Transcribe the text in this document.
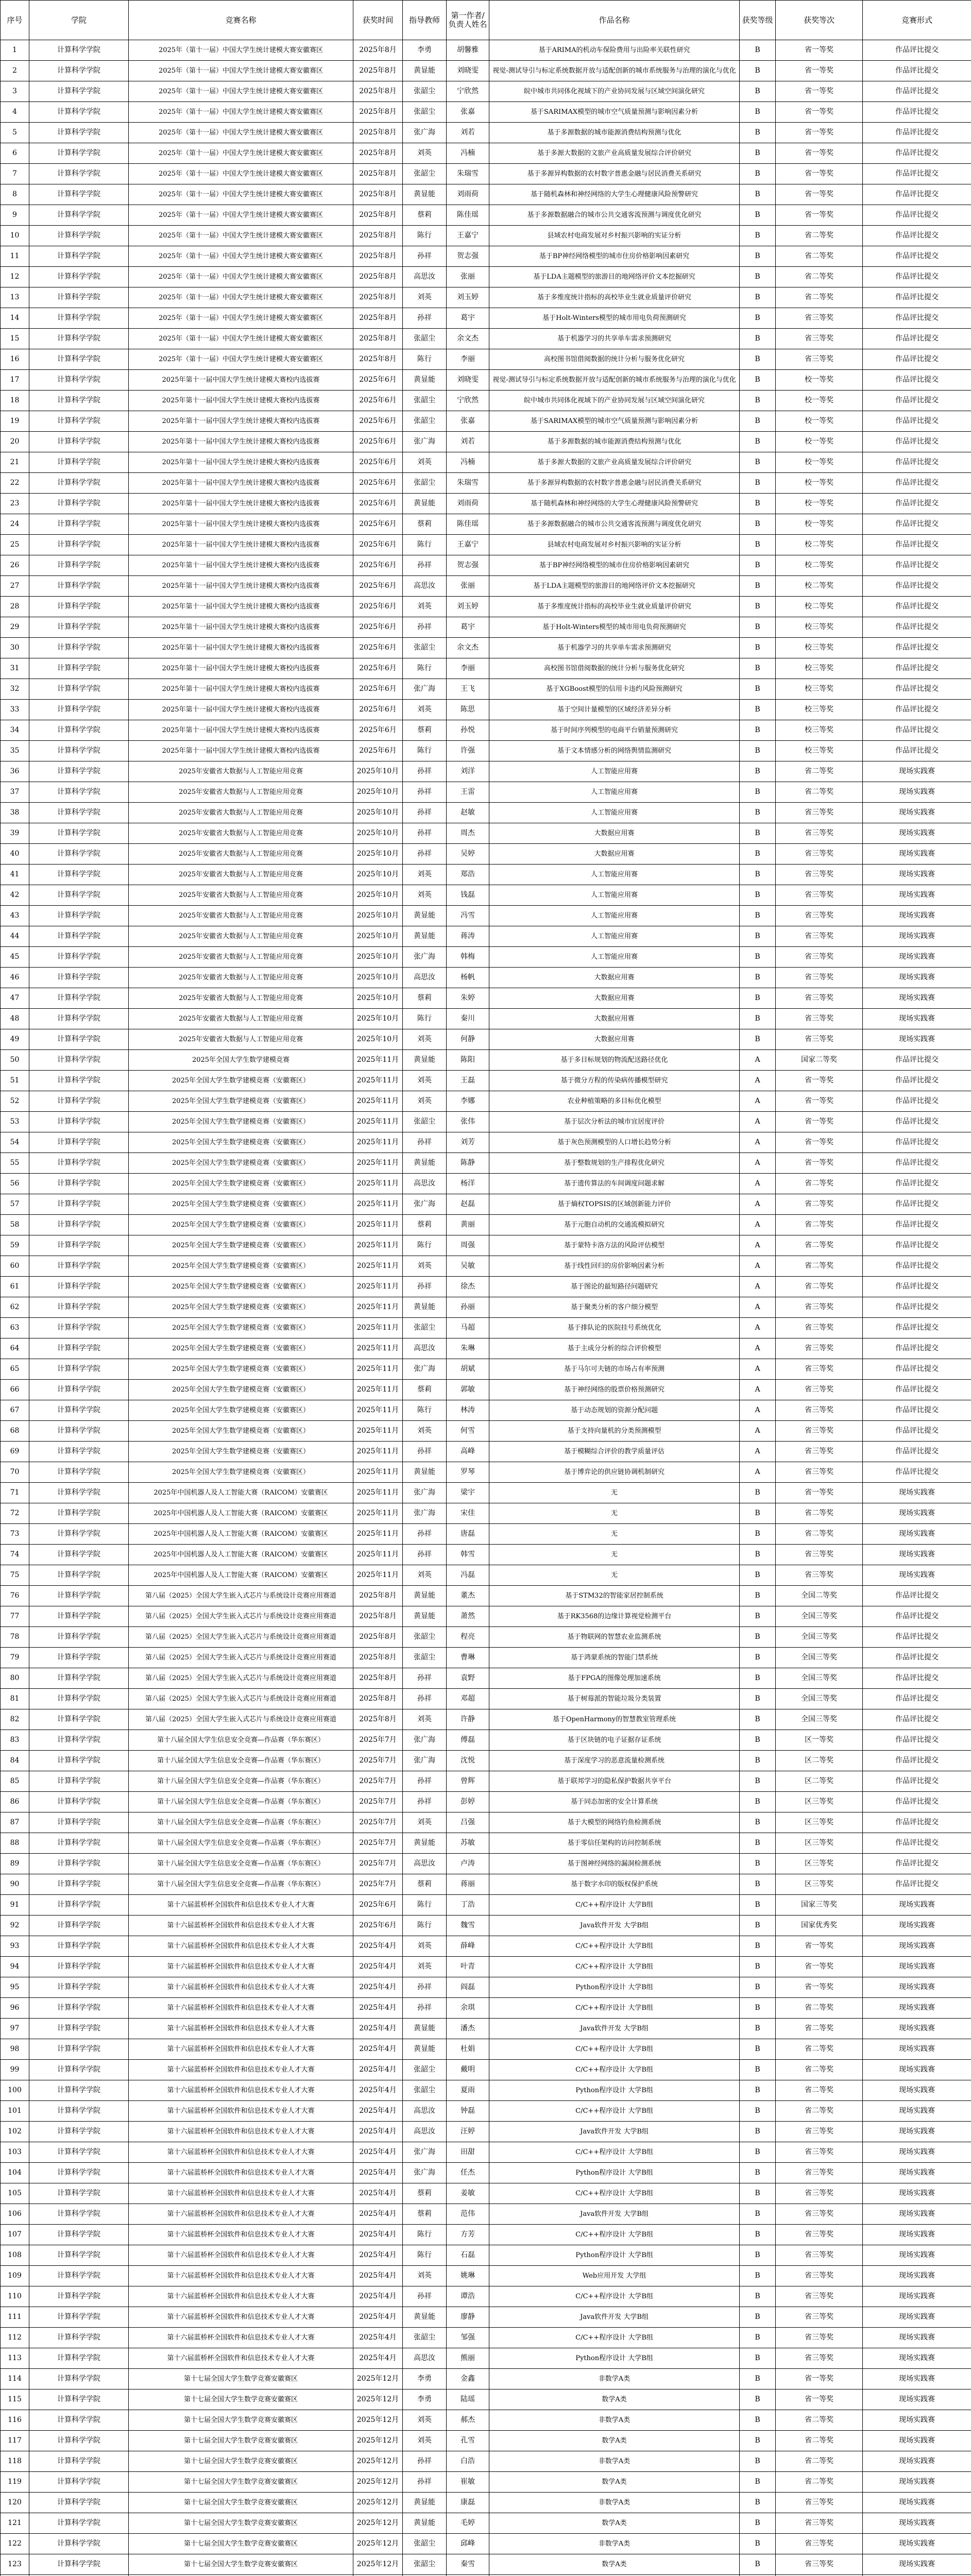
序号	学院	竞赛名称	获奖时间	指导教师	第一作者/负责人姓名	作品名称	获奖等级	获奖等次	竞赛形式
1	计算科学学院	2025年（第十一届）中国大学生统计建模大赛安徽赛区	2025年8月	李勇	胡馨雅	基于ARIMA的机动车保险费用与出险率关联性研究	B	省一等奖	作品评比提交
2	计算科学学院	2025年（第十一届）中国大学生统计建模大赛安徽赛区	2025年8月	黄显能	刘晓雯	视觉-测试导引与标定系统数据开放与适配创新的城市系统服务与治理的演化与优化	B	省一等奖	作品评比提交
3	计算科学学院	2025年（第十一届）中国大学生统计建模大赛安徽赛区	2025年8月	张韶尘	宁欣然	皖中城市共同体化视域下的产业协同发展与区域空间演化研究	B	省一等奖	作品评比提交
4	计算科学学院	2025年（第十一届）中国大学生统计建模大赛安徽赛区	2025年8月	张韶尘	张嘉	基于SARIMAX模型的城市空气质量预测与影响因素分析	B	省一等奖	作品评比提交
5	计算科学学院	2025年（第十一届）中国大学生统计建模大赛安徽赛区	2025年8月	张广海	刘若	基于多源数据的城市能源消费结构预测与优化	B	省一等奖	作品评比提交
6	计算科学学院	2025年（第十一届）中国大学生统计建模大赛安徽赛区	2025年8月	刘英	冯楠	基于多源大数据的文旅产业高质量发展综合评价研究	B	省一等奖	作品评比提交
7	计算科学学院	2025年（第十一届）中国大学生统计建模大赛安徽赛区	2025年8月	张韶尘	朱瑞雪	基于多源异构数据的农村数字普惠金融与居民消费关系研究	B	省一等奖	作品评比提交
8	计算科学学院	2025年（第十一届）中国大学生统计建模大赛安徽赛区	2025年8月	黄显能	刘雨荷	基于随机森林和神经网络的大学生心理健康风险预警研究	B	省一等奖	作品评比提交
9	计算科学学院	2025年（第十一届）中国大学生统计建模大赛安徽赛区	2025年8月	蔡莉	陈佳瑶	基于多源数据融合的城市公共交通客流预测与调度优化研究	B	省一等奖	作品评比提交
10	计算科学学院	2025年（第十一届）中国大学生统计建模大赛安徽赛区	2025年8月	陈行	王嘉宁	县域农村电商发展对乡村振兴影响的实证分析	B	省二等奖	作品评比提交
11	计算科学学院	2025年（第十一届）中国大学生统计建模大赛安徽赛区	2025年8月	孙祥	贺志强	基于BP神经网络模型的城市住房价格影响因素研究	B	省二等奖	作品评比提交
12	计算科学学院	2025年（第十一届）中国大学生统计建模大赛安徽赛区	2025年8月	高思汝	张丽	基于LDA主题模型的旅游目的地网络评价文本挖掘研究	B	省二等奖	作品评比提交
13	计算科学学院	2025年（第十一届）中国大学生统计建模大赛安徽赛区	2025年8月	刘英	刘玉婷	基于多维度统计指标的高校毕业生就业质量评价研究	B	省二等奖	作品评比提交
14	计算科学学院	2025年（第十一届）中国大学生统计建模大赛安徽赛区	2025年8月	孙祥	葛宇	基于Holt-Winters模型的城市用电负荷预测研究	B	省三等奖	作品评比提交
15	计算科学学院	2025年（第十一届）中国大学生统计建模大赛安徽赛区	2025年8月	张韶尘	余文杰	基于机器学习的共享单车需求预测研究	B	省三等奖	作品评比提交
16	计算科学学院	2025年（第十一届）中国大学生统计建模大赛安徽赛区	2025年8月	陈行	李丽	高校图书馆借阅数据的统计分析与服务优化研究	B	省三等奖	作品评比提交
17	计算科学学院	2025年第十一届中国大学生统计建模大赛校内选拔赛	2025年6月	黄显能	刘晓雯	视觉-测试导引与标定系统数据开放与适配创新的城市系统服务与治理的演化与优化	B	校一等奖	作品评比提交
18	计算科学学院	2025年第十一届中国大学生统计建模大赛校内选拔赛	2025年6月	张韶尘	宁欣然	皖中城市共同体化视域下的产业协同发展与区域空间演化研究	B	校一等奖	作品评比提交
19	计算科学学院	2025年第十一届中国大学生统计建模大赛校内选拔赛	2025年6月	张韶尘	张嘉	基于SARIMAX模型的城市空气质量预测与影响因素分析	B	校一等奖	作品评比提交
20	计算科学学院	2025年第十一届中国大学生统计建模大赛校内选拔赛	2025年6月	张广海	刘若	基于多源数据的城市能源消费结构预测与优化	B	校一等奖	作品评比提交
21	计算科学学院	2025年第十一届中国大学生统计建模大赛校内选拔赛	2025年6月	刘英	冯楠	基于多源大数据的文旅产业高质量发展综合评价研究	B	校一等奖	作品评比提交
22	计算科学学院	2025年第十一届中国大学生统计建模大赛校内选拔赛	2025年6月	张韶尘	朱瑞雪	基于多源异构数据的农村数字普惠金融与居民消费关系研究	B	校一等奖	作品评比提交
23	计算科学学院	2025年第十一届中国大学生统计建模大赛校内选拔赛	2025年6月	黄显能	刘雨荷	基于随机森林和神经网络的大学生心理健康风险预警研究	B	校一等奖	作品评比提交
24	计算科学学院	2025年第十一届中国大学生统计建模大赛校内选拔赛	2025年6月	蔡莉	陈佳瑶	基于多源数据融合的城市公共交通客流预测与调度优化研究	B	校一等奖	作品评比提交
25	计算科学学院	2025年第十一届中国大学生统计建模大赛校内选拔赛	2025年6月	陈行	王嘉宁	县域农村电商发展对乡村振兴影响的实证分析	B	校二等奖	作品评比提交
26	计算科学学院	2025年第十一届中国大学生统计建模大赛校内选拔赛	2025年6月	孙祥	贺志强	基于BP神经网络模型的城市住房价格影响因素研究	B	校二等奖	作品评比提交
27	计算科学学院	2025年第十一届中国大学生统计建模大赛校内选拔赛	2025年6月	高思汝	张丽	基于LDA主题模型的旅游目的地网络评价文本挖掘研究	B	校二等奖	作品评比提交
28	计算科学学院	2025年第十一届中国大学生统计建模大赛校内选拔赛	2025年6月	刘英	刘玉婷	基于多维度统计指标的高校毕业生就业质量评价研究	B	校二等奖	作品评比提交
29	计算科学学院	2025年第十一届中国大学生统计建模大赛校内选拔赛	2025年6月	孙祥	葛宇	基于Holt-Winters模型的城市用电负荷预测研究	B	校三等奖	作品评比提交
30	计算科学学院	2025年第十一届中国大学生统计建模大赛校内选拔赛	2025年6月	张韶尘	余文杰	基于机器学习的共享单车需求预测研究	B	校三等奖	作品评比提交
31	计算科学学院	2025年第十一届中国大学生统计建模大赛校内选拔赛	2025年6月	陈行	李丽	高校图书馆借阅数据的统计分析与服务优化研究	B	校三等奖	作品评比提交
32	计算科学学院	2025年第十一届中国大学生统计建模大赛校内选拔赛	2025年6月	张广海	王飞	基于XGBoost模型的信用卡违约风险预测研究	B	校三等奖	作品评比提交
33	计算科学学院	2025年第十一届中国大学生统计建模大赛校内选拔赛	2025年6月	刘英	陈思	基于空间计量模型的区域经济差异分析	B	校三等奖	作品评比提交
34	计算科学学院	2025年第十一届中国大学生统计建模大赛校内选拔赛	2025年6月	蔡莉	孙悦	基于时间序列模型的电商平台销量预测研究	B	校三等奖	作品评比提交
35	计算科学学院	2025年第十一届中国大学生统计建模大赛校内选拔赛	2025年6月	陈行	许强	基于文本情感分析的网络舆情监测研究	B	校三等奖	作品评比提交
36	计算科学学院	2025年安徽省大数据与人工智能应用竞赛	2025年10月	孙祥	刘洋	人工智能应用赛	B	省二等奖	现场实践赛
37	计算科学学院	2025年安徽省大数据与人工智能应用竞赛	2025年10月	孙祥	王雷	人工智能应用赛	B	省二等奖	现场实践赛
38	计算科学学院	2025年安徽省大数据与人工智能应用竞赛	2025年10月	孙祥	赵敏	人工智能应用赛	B	省三等奖	现场实践赛
39	计算科学学院	2025年安徽省大数据与人工智能应用竞赛	2025年10月	孙祥	周杰	大数据应用赛	B	省三等奖	现场实践赛
40	计算科学学院	2025年安徽省大数据与人工智能应用竞赛	2025年10月	孙祥	吴婷	大数据应用赛	B	省三等奖	现场实践赛
41	计算科学学院	2025年安徽省大数据与人工智能应用竞赛	2025年10月	刘英	郑浩	人工智能应用赛	B	省三等奖	现场实践赛
42	计算科学学院	2025年安徽省大数据与人工智能应用竞赛	2025年10月	刘英	钱磊	人工智能应用赛	B	省三等奖	现场实践赛
43	计算科学学院	2025年安徽省大数据与人工智能应用竞赛	2025年10月	黄显能	冯雪	人工智能应用赛	B	省三等奖	现场实践赛
44	计算科学学院	2025年安徽省大数据与人工智能应用竞赛	2025年10月	黄显能	蒋涛	人工智能应用赛	B	省三等奖	现场实践赛
45	计算科学学院	2025年安徽省大数据与人工智能应用竞赛	2025年10月	张广海	韩梅	人工智能应用赛	B	省三等奖	现场实践赛
46	计算科学学院	2025年安徽省大数据与人工智能应用竞赛	2025年10月	高思汝	杨帆	大数据应用赛	B	省三等奖	现场实践赛
47	计算科学学院	2025年安徽省大数据与人工智能应用竞赛	2025年10月	蔡莉	朱婷	大数据应用赛	B	省三等奖	现场实践赛
48	计算科学学院	2025年安徽省大数据与人工智能应用竞赛	2025年10月	陈行	秦川	大数据应用赛	B	省三等奖	现场实践赛
49	计算科学学院	2025年安徽省大数据与人工智能应用竞赛	2025年10月	刘英	何静	大数据应用赛	B	省三等奖	现场实践赛
50	计算科学学院	2025年全国大学生数学建模竞赛	2025年11月	黄显能	陈阳	基于多目标规划的物流配送路径优化	A	国家二等奖	作品评比提交
51	计算科学学院	2025年全国大学生数学建模竞赛（安徽赛区）	2025年11月	刘英	王磊	基于微分方程的传染病传播模型研究	A	省一等奖	作品评比提交
52	计算科学学院	2025年全国大学生数学建模竞赛（安徽赛区）	2025年11月	刘英	李娜	农业种植策略的多目标优化模型	A	省一等奖	作品评比提交
53	计算科学学院	2025年全国大学生数学建模竞赛（安徽赛区）	2025年11月	张韶尘	张伟	基于层次分析法的城市宜居度评价	A	省一等奖	作品评比提交
54	计算科学学院	2025年全国大学生数学建模竞赛（安徽赛区）	2025年11月	孙祥	刘芳	基于灰色预测模型的人口增长趋势分析	A	省一等奖	作品评比提交
55	计算科学学院	2025年全国大学生数学建模竞赛（安徽赛区）	2025年11月	黄显能	陈静	基于整数规划的生产排程优化研究	A	省一等奖	作品评比提交
56	计算科学学院	2025年全国大学生数学建模竞赛（安徽赛区）	2025年11月	高思汝	杨洋	基于遗传算法的车间调度问题求解	A	省二等奖	作品评比提交
57	计算科学学院	2025年全国大学生数学建模竞赛（安徽赛区）	2025年11月	张广海	赵磊	基于熵权TOPSIS的区域创新能力评价	A	省二等奖	作品评比提交
58	计算科学学院	2025年全国大学生数学建模竞赛（安徽赛区）	2025年11月	蔡莉	黄丽	基于元胞自动机的交通流模拟研究	A	省二等奖	作品评比提交
59	计算科学学院	2025年全国大学生数学建模竞赛（安徽赛区）	2025年11月	陈行	周强	基于蒙特卡洛方法的风险评估模型	A	省二等奖	作品评比提交
60	计算科学学院	2025年全国大学生数学建模竞赛（安徽赛区）	2025年11月	刘英	吴敏	基于线性回归的房价影响因素分析	A	省二等奖	作品评比提交
61	计算科学学院	2025年全国大学生数学建模竞赛（安徽赛区）	2025年11月	孙祥	徐杰	基于图论的最短路径问题研究	A	省二等奖	作品评比提交
62	计算科学学院	2025年全国大学生数学建模竞赛（安徽赛区）	2025年11月	黄显能	孙丽	基于聚类分析的客户细分模型	A	省三等奖	作品评比提交
63	计算科学学院	2025年全国大学生数学建模竞赛（安徽赛区）	2025年11月	张韶尘	马超	基于排队论的医院挂号系统优化	A	省三等奖	作品评比提交
64	计算科学学院	2025年全国大学生数学建模竞赛（安徽赛区）	2025年11月	高思汝	朱琳	基于主成分分析的综合评价模型	A	省三等奖	作品评比提交
65	计算科学学院	2025年全国大学生数学建模竞赛（安徽赛区）	2025年11月	张广海	胡斌	基于马尔可夫链的市场占有率预测	A	省三等奖	作品评比提交
66	计算科学学院	2025年全国大学生数学建模竞赛（安徽赛区）	2025年11月	蔡莉	郭敏	基于神经网络的股票价格预测研究	A	省三等奖	作品评比提交
67	计算科学学院	2025年全国大学生数学建模竞赛（安徽赛区）	2025年11月	陈行	林涛	基于动态规划的资源分配问题	A	省三等奖	作品评比提交
68	计算科学学院	2025年全国大学生数学建模竞赛（安徽赛区）	2025年11月	刘英	何雪	基于支持向量机的分类预测模型	A	省三等奖	作品评比提交
69	计算科学学院	2025年全国大学生数学建模竞赛（安徽赛区）	2025年11月	孙祥	高峰	基于模糊综合评价的教学质量评估	A	省三等奖	作品评比提交
70	计算科学学院	2025年全国大学生数学建模竞赛（安徽赛区）	2025年11月	黄显能	罗琴	基于博弈论的供应链协调机制研究	A	省三等奖	作品评比提交
71	计算科学学院	2025年中国机器人及人工智能大赛（RAICOM）安徽赛区	2025年11月	张广海	梁宇	无	B	省一等奖	现场实践赛
72	计算科学学院	2025年中国机器人及人工智能大赛（RAICOM）安徽赛区	2025年11月	张广海	宋佳	无	B	省二等奖	现场实践赛
73	计算科学学院	2025年中国机器人及人工智能大赛（RAICOM）安徽赛区	2025年11月	孙祥	唐磊	无	B	省二等奖	现场实践赛
74	计算科学学院	2025年中国机器人及人工智能大赛（RAICOM）安徽赛区	2025年11月	孙祥	韩雪	无	B	省三等奖	现场实践赛
75	计算科学学院	2025年中国机器人及人工智能大赛（RAICOM）安徽赛区	2025年11月	刘英	冯磊	无	B	省三等奖	现场实践赛
76	计算科学学院	第八届（2025）全国大学生嵌入式芯片与系统设计竞赛应用赛道	2025年8月	黄显能	董杰	基于STM32的智能家居控制系统	B	全国二等奖	作品评比提交
77	计算科学学院	第八届（2025）全国大学生嵌入式芯片与系统设计竞赛应用赛道	2025年8月	黄显能	萧然	基于RK3568的边缘计算视觉检测平台	B	全国三等奖	作品评比提交
78	计算科学学院	第八届（2025）全国大学生嵌入式芯片与系统设计竞赛应用赛道	2025年8月	张韶尘	程亮	基于物联网的智慧农业监测系统	B	全国三等奖	作品评比提交
79	计算科学学院	第八届（2025）全国大学生嵌入式芯片与系统设计竞赛应用赛道	2025年8月	张韶尘	曹琳	基于鸿蒙系统的智能门禁系统	B	全国三等奖	作品评比提交
80	计算科学学院	第八届（2025）全国大学生嵌入式芯片与系统设计竞赛应用赛道	2025年8月	孙祥	袁野	基于FPGA的图像处理加速系统	B	全国三等奖	作品评比提交
81	计算科学学院	第八届（2025）全国大学生嵌入式芯片与系统设计竞赛应用赛道	2025年8月	孙祥	邓超	基于树莓派的智能垃圾分类装置	B	全国三等奖	作品评比提交
82	计算科学学院	第八届（2025）全国大学生嵌入式芯片与系统设计竞赛应用赛道	2025年8月	刘英	许静	基于OpenHarmony的智慧教室管理系统	B	全国三等奖	作品评比提交
83	计算科学学院	第十八届全国大学生信息安全竞赛—作品赛（华东赛区）	2025年7月	张广海	傅磊	基于区块链的电子证据存证系统	B	区一等奖	作品评比提交
84	计算科学学院	第十八届全国大学生信息安全竞赛—作品赛（华东赛区）	2025年7月	张广海	沈悦	基于深度学习的恶意流量检测系统	B	区二等奖	作品评比提交
85	计算科学学院	第十八届全国大学生信息安全竞赛—作品赛（华东赛区）	2025年7月	孙祥	曾辉	基于联邦学习的隐私保护数据共享平台	B	区二等奖	作品评比提交
86	计算科学学院	第十八届全国大学生信息安全竞赛—作品赛（华东赛区）	2025年7月	孙祥	彭婷	基于同态加密的安全计算系统	B	区三等奖	作品评比提交
87	计算科学学院	第十八届全国大学生信息安全竞赛—作品赛（华东赛区）	2025年7月	刘英	吕强	基于大模型的网络钓鱼检测系统	B	区三等奖	作品评比提交
88	计算科学学院	第十八届全国大学生信息安全竞赛—作品赛（华东赛区）	2025年7月	黄显能	苏敏	基于零信任架构的访问控制系统	B	区三等奖	作品评比提交
89	计算科学学院	第十八届全国大学生信息安全竞赛—作品赛（华东赛区）	2025年7月	高思汝	卢涛	基于图神经网络的漏洞检测系统	B	区三等奖	作品评比提交
90	计算科学学院	第十八届全国大学生信息安全竞赛—作品赛（华东赛区）	2025年7月	蔡莉	蒋丽	基于数字水印的版权保护系统	B	区三等奖	作品评比提交
91	计算科学学院	第十六届蓝桥杯全国软件和信息技术专业人才大赛	2025年6月	陈行	丁浩	C/C++程序设计 大学B组	B	国家三等奖	现场实践赛
92	计算科学学院	第十六届蓝桥杯全国软件和信息技术专业人才大赛	2025年6月	陈行	魏雪	Java软件开发 大学B组	B	国家优秀奖	现场实践赛
93	计算科学学院	第十六届蓝桥杯全国软件和信息技术专业人才大赛	2025年4月	刘英	薛峰	C/C++程序设计 大学B组	B	省一等奖	现场实践赛
94	计算科学学院	第十六届蓝桥杯全国软件和信息技术专业人才大赛	2025年4月	刘英	叶青	C/C++程序设计 大学B组	B	省一等奖	现场实践赛
95	计算科学学院	第十六届蓝桥杯全国软件和信息技术专业人才大赛	2025年4月	孙祥	阎磊	Python程序设计 大学B组	B	省一等奖	现场实践赛
96	计算科学学院	第十六届蓝桥杯全国软件和信息技术专业人才大赛	2025年4月	孙祥	余琪	C/C++程序设计 大学B组	B	省二等奖	现场实践赛
97	计算科学学院	第十六届蓝桥杯全国软件和信息技术专业人才大赛	2025年4月	黄显能	潘杰	Java软件开发 大学B组	B	省二等奖	现场实践赛
98	计算科学学院	第十六届蓝桥杯全国软件和信息技术专业人才大赛	2025年4月	黄显能	杜娟	C/C++程序设计 大学B组	B	省二等奖	现场实践赛
99	计算科学学院	第十六届蓝桥杯全国软件和信息技术专业人才大赛	2025年4月	张韶尘	戴明	C/C++程序设计 大学B组	B	省二等奖	现场实践赛
100	计算科学学院	第十六届蓝桥杯全国软件和信息技术专业人才大赛	2025年4月	张韶尘	夏雨	Python程序设计 大学B组	B	省二等奖	现场实践赛
101	计算科学学院	第十六届蓝桥杯全国软件和信息技术专业人才大赛	2025年4月	高思汝	钟磊	C/C++程序设计 大学B组	B	省二等奖	现场实践赛
102	计算科学学院	第十六届蓝桥杯全国软件和信息技术专业人才大赛	2025年4月	高思汝	汪婷	Java软件开发 大学B组	B	省三等奖	现场实践赛
103	计算科学学院	第十六届蓝桥杯全国软件和信息技术专业人才大赛	2025年4月	张广海	田甜	C/C++程序设计 大学B组	B	省三等奖	现场实践赛
104	计算科学学院	第十六届蓝桥杯全国软件和信息技术专业人才大赛	2025年4月	张广海	任杰	Python程序设计 大学B组	B	省三等奖	现场实践赛
105	计算科学学院	第十六届蓝桥杯全国软件和信息技术专业人才大赛	2025年4月	蔡莉	姜敏	C/C++程序设计 大学B组	B	省三等奖	现场实践赛
106	计算科学学院	第十六届蓝桥杯全国软件和信息技术专业人才大赛	2025年4月	蔡莉	范伟	Java软件开发 大学B组	B	省三等奖	现场实践赛
107	计算科学学院	第十六届蓝桥杯全国软件和信息技术专业人才大赛	2025年4月	陈行	方芳	C/C++程序设计 大学B组	B	省三等奖	现场实践赛
108	计算科学学院	第十六届蓝桥杯全国软件和信息技术专业人才大赛	2025年4月	陈行	石磊	Python程序设计 大学B组	B	省三等奖	现场实践赛
109	计算科学学院	第十六届蓝桥杯全国软件和信息技术专业人才大赛	2025年4月	刘英	姚琳	Web应用开发 大学组	B	省三等奖	现场实践赛
110	计算科学学院	第十六届蓝桥杯全国软件和信息技术专业人才大赛	2025年4月	孙祥	谭浩	C/C++程序设计 大学B组	B	省三等奖	现场实践赛
111	计算科学学院	第十六届蓝桥杯全国软件和信息技术专业人才大赛	2025年4月	黄显能	廖静	Java软件开发 大学B组	B	省三等奖	现场实践赛
112	计算科学学院	第十六届蓝桥杯全国软件和信息技术专业人才大赛	2025年4月	张韶尘	邹强	C/C++程序设计 大学B组	B	省三等奖	现场实践赛
113	计算科学学院	第十六届蓝桥杯全国软件和信息技术专业人才大赛	2025年4月	高思汝	熊丽	Python程序设计 大学B组	B	省三等奖	现场实践赛
114	计算科学学院	第十七届全国大学生数学竞赛安徽赛区	2025年12月	李勇	金鑫	非数学A类	B	省一等奖	现场实践赛
115	计算科学学院	第十七届全国大学生数学竞赛安徽赛区	2025年12月	李勇	陆瑶	数学A类	B	省一等奖	现场实践赛
116	计算科学学院	第十七届全国大学生数学竞赛安徽赛区	2025年12月	刘英	郝杰	非数学A类	B	省二等奖	现场实践赛
117	计算科学学院	第十七届全国大学生数学竞赛安徽赛区	2025年12月	刘英	孔雪	数学A类	B	省二等奖	现场实践赛
118	计算科学学院	第十七届全国大学生数学竞赛安徽赛区	2025年12月	孙祥	白浩	非数学A类	B	省二等奖	现场实践赛
119	计算科学学院	第十七届全国大学生数学竞赛安徽赛区	2025年12月	孙祥	崔敏	数学A类	B	省二等奖	现场实践赛
120	计算科学学院	第十七届全国大学生数学竞赛安徽赛区	2025年12月	黄显能	康磊	非数学A类	B	省三等奖	现场实践赛
121	计算科学学院	第十七届全国大学生数学竞赛安徽赛区	2025年12月	黄显能	毛婷	数学A类	B	省三等奖	现场实践赛
122	计算科学学院	第十七届全国大学生数学竞赛安徽赛区	2025年12月	张韶尘	邱峰	非数学A类	B	省三等奖	现场实践赛
123	计算科学学院	第十七届全国大学生数学竞赛安徽赛区	2025年12月	张韶尘	秦雪	数学A类	B	省三等奖	现场实践赛
